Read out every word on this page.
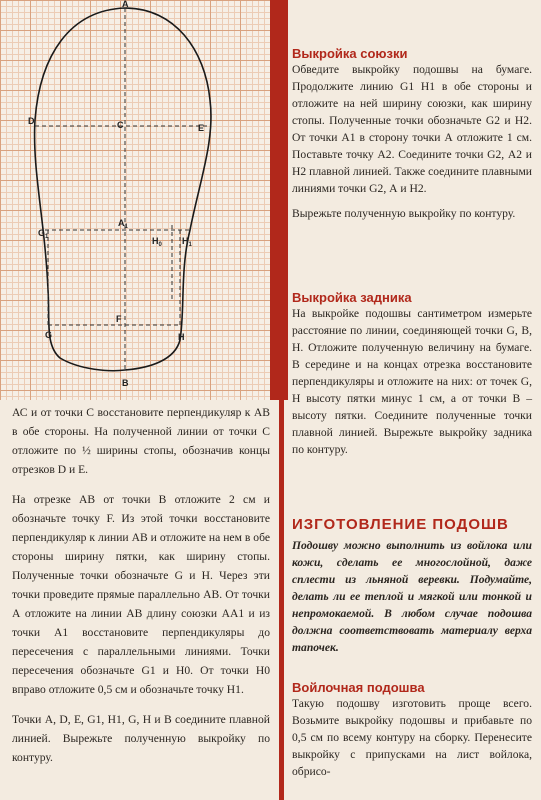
A
D	C	E
$A_1$
$G_1$	$H_0$ $H_1$
F
G	H
B

АС и от точки С восстановите перпендикуляр к АВ в обе стороны. На полученной линии от точки С отложите по ½ ширины стопы, обозначив концы отрезков D и Е.

На отрезке АВ от точки В отложите 2 см и обозначьте точку F. Из этой точки восстановите перпендикуляр к линии АВ и отложите на нем в обе стороны ширину пятки, как ширину стопы. Полученные точки обозначьте G и Н. Через эти точки проведите прямые параллельно АВ. От точки А отложите на линии АВ длину союзки АА1 и из точки А1 восстановите перпендикуляры до пересечения с параллельными линиями. Точки пересечения обозначьте G1 и Н0. От точки Н0 вправо отложите 0,5 см и обозначьте точку Н1.

Точки А, D, Е, G1, Н1, G, Н и В соедините плавной линией. Вырежьте полученную выкройку по контуру.

Выкройка союзки

Обведите выкройку подошвы на бумаге. Продолжите линию G1 Н1 в обе стороны и отложите на ней ширину союзки, как ширину стопы. Полученные точки обозначьте G2 и Н2. От точки А1 в сторону точки А отложите 1 см. Поставьте точку А2. Соедините точки G2, А2 и Н2 плавной линией. Также соедините плавными линиями точки G2, А и Н2.

Вырежьте полученную выкройку по контуру.

Выкройка задника

На выкройке подошвы сантиметром измерьте расстояние по линии, соединяющей точки G, В, Н. Отложите полученную величину на бумаге. В середине и на концах отрезка восстановите перпендикуляры и отложите на них: от точек G, Н высоту пятки минус 1 см, а от точки В – высоту пятки. Соедините полученные точки плавной линией. Вырежьте выкройку задника по контуру.

ИЗГОТОВЛЕНИЕ ПОДОШВ

Подошву можно выполнить из войлока или кожи, сделать ее многослойной, даже сплести из льняной веревки. Подумайте, делать ли ее теплой и мягкой или тонкой и непромокаемой. В любом случае подошва должна соответствовать материалу верха тапочек.

Войлочная подошва

Такую подошву изготовить проще всего. Возьмите выкройку подошвы и прибавьте по 0,5 см по всему контуру на сборку. Перенесите выкройку с припусками на лист войлока, обрисо-
